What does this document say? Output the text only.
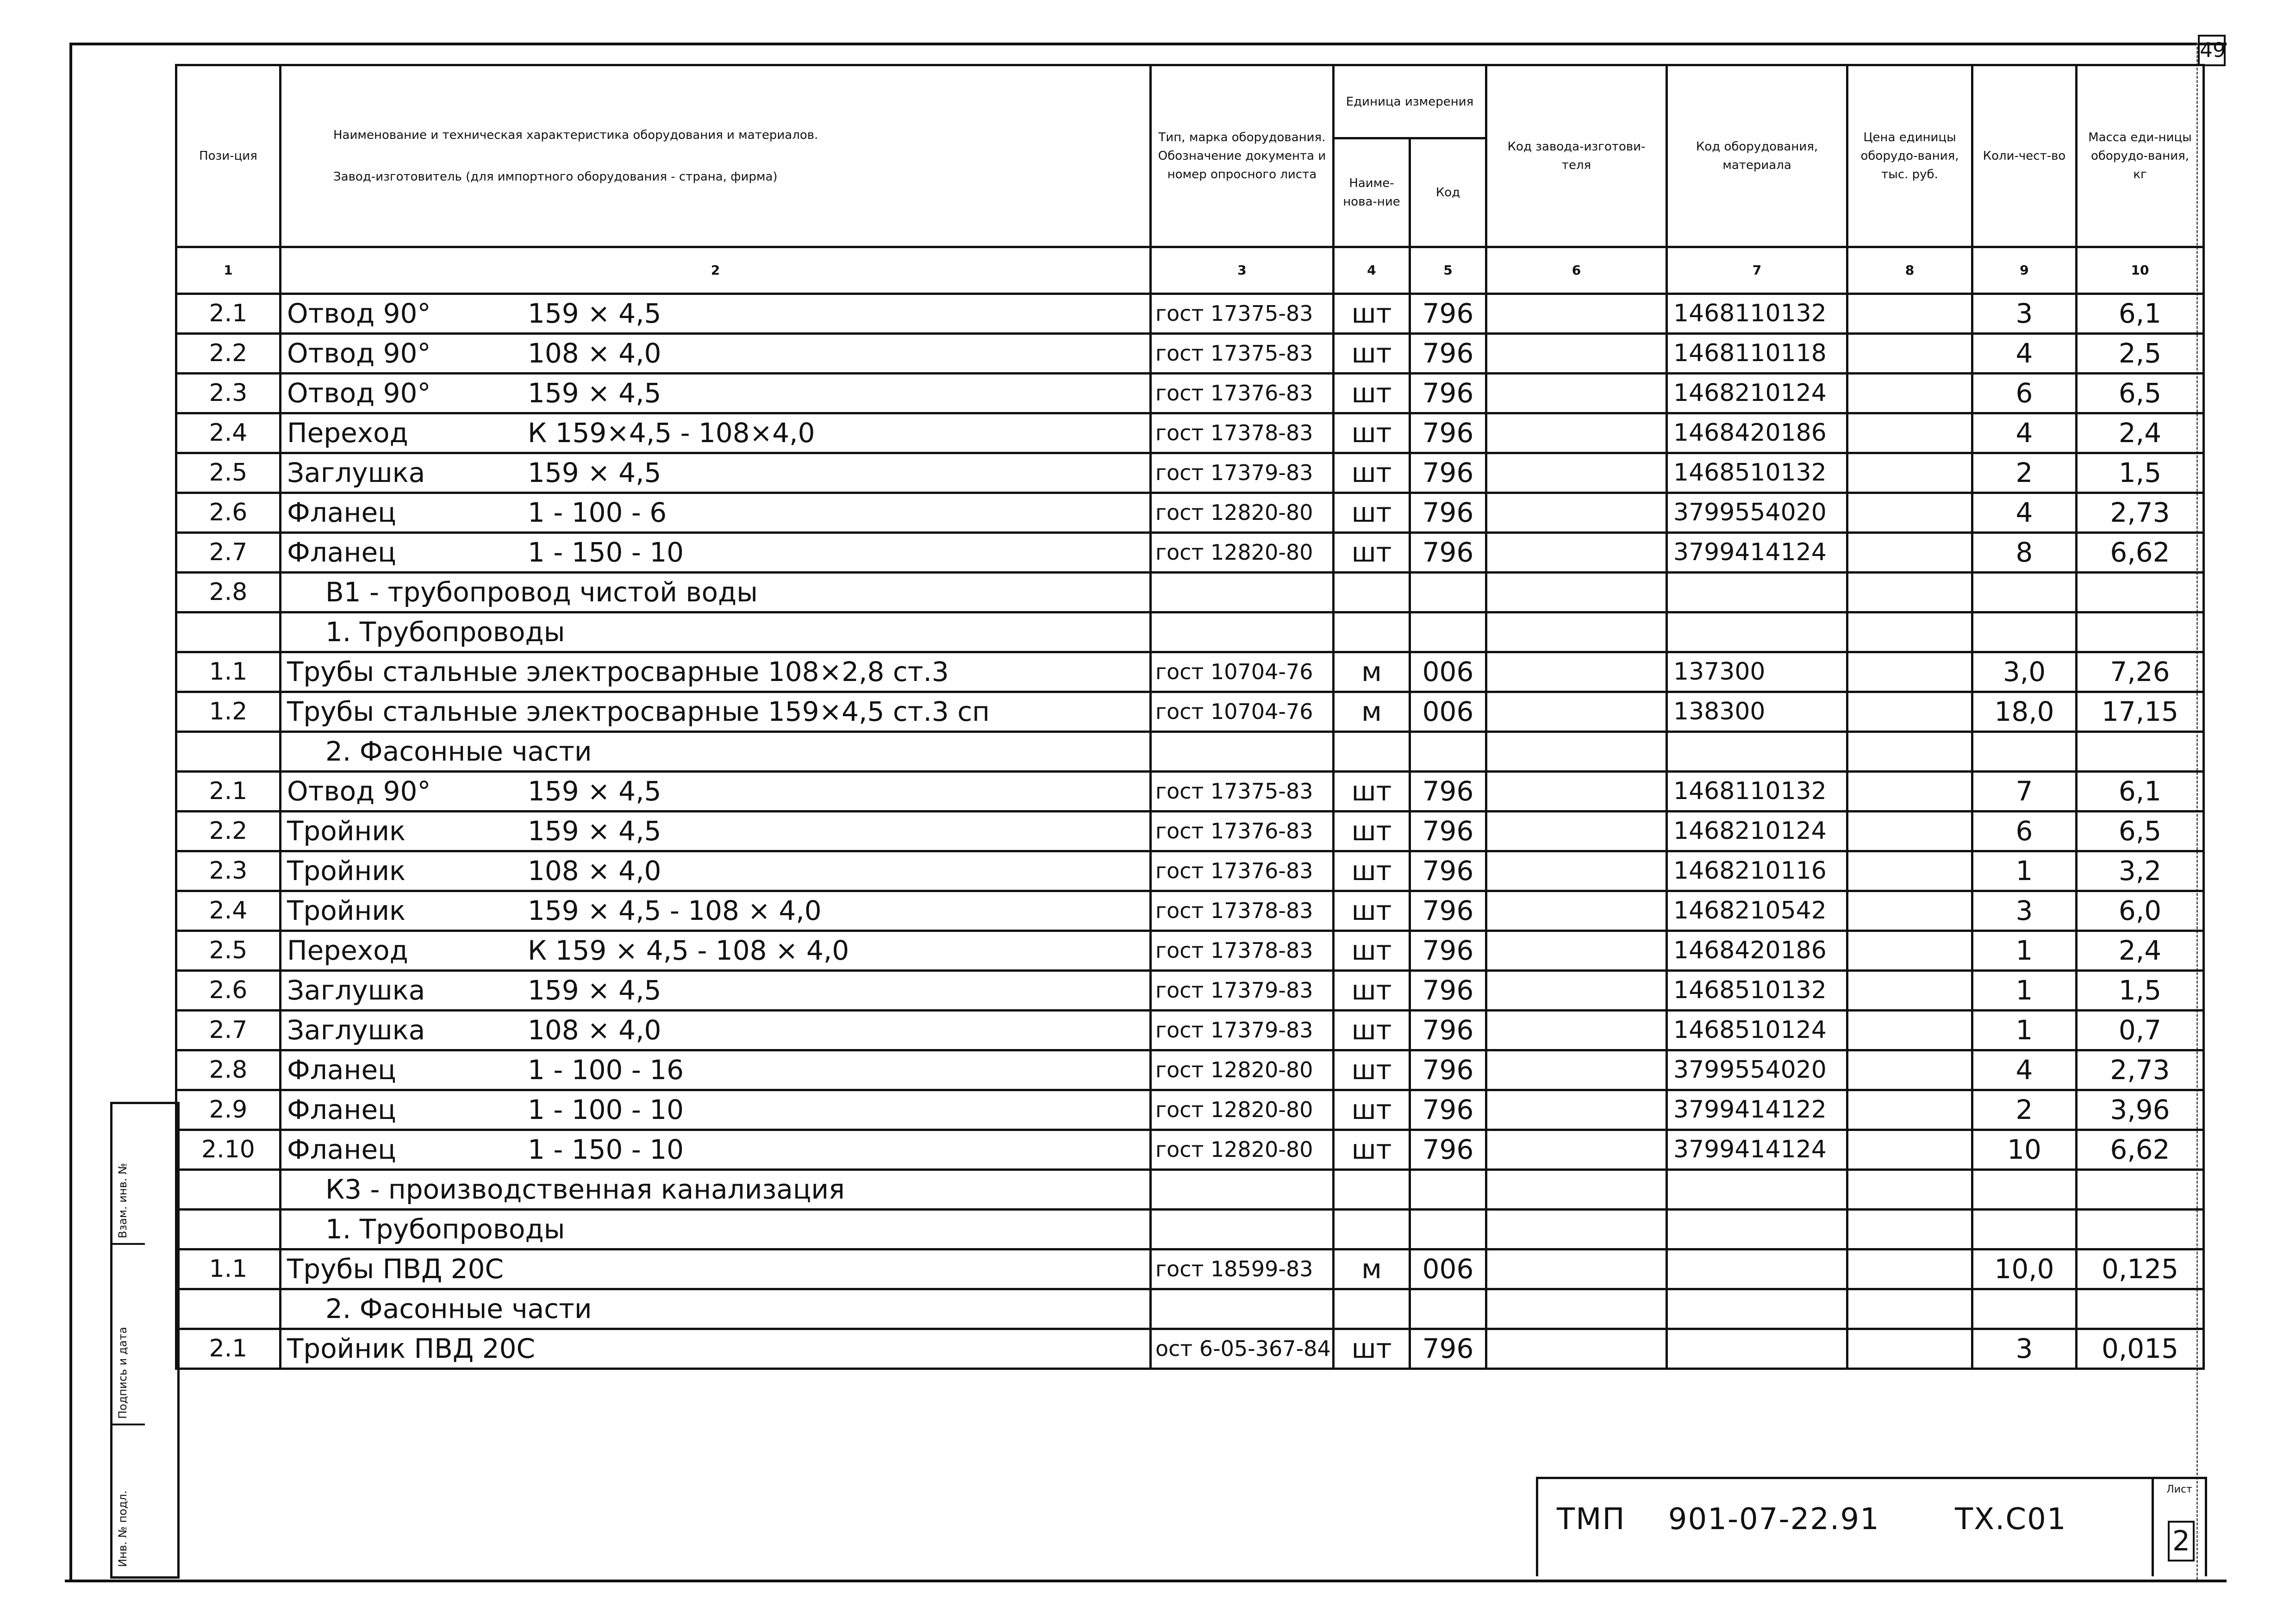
49
Пози-ция	Наименование и техническая характеристика оборудования и материалов.
Завод-изготовитель (для импортного оборудования - страна, фирма)	Тип, марка оборудования. Обозначение документа и номер опросного листа	Единица измерения		Код завода-изготови-теля	Код оборудования, материала	Цена единицы оборудо-вания, тыс. руб.	Коли-чест-во	Масса еди-ницы оборудо-вания, кг
			Наиме-нова-ние	Код					
1	2	3	4	5	6	7	8	9	10
2.1	Отвод 90° 159 × 4,5	гост 17375-83	шт	796		1468110132		3	6,1
2.2	Отвод 90° 108 × 4,0	гост 17375-83	шт	796		1468110118		4	2,5
2.3	Отвод 90° 159 × 4,5	гост 17376-83	шт	796		1468210124		6	6,5
2.4	Переход К 159×4,5 - 108×4,0	гост 17378-83	шт	796		1468420186		4	2,4
2.5	Заглушка 159 × 4,5	гост 17379-83	шт	796		1468510132		2	1,5
2.6	Фланец 1 - 100 - 6	гост 12820-80	шт	796		3799554020		4	2,73
2.7	Фланец 1 - 150 - 10	гост 12820-80	шт	796		3799414124		8	6,62
2.8	В1 - трубопровод чистой воды								
	1. Трубопроводы								
1.1	Трубы стальные электросварные 108×2,8 ст.3	гост 10704-76	м	006		137300		3,0	7,26
1.2	Трубы стальные электросварные 159×4,5 ст.3 сп	гост 10704-76	м	006		138300		18,0	17,15
	2. Фасонные части								
2.1	Отвод 90° 159 × 4,5	гост 17375-83	шт	796		1468110132		7	6,1
2.2	Тройник 159 × 4,5	гост 17376-83	шт	796		1468210124		6	6,5
2.3	Тройник 108 × 4,0	гост 17376-83	шт	796		1468210116		1	3,2
2.4	Тройник 159 × 4,5 - 108 × 4,0	гост 17378-83	шт	796		1468210542		3	6,0
2.5	Переход К 159 × 4,5 - 108 × 4,0	гост 17378-83	шт	796		1468420186		1	2,4
2.6	Заглушка 159 × 4,5	гост 17379-83	шт	796		1468510132		1	1,5
2.7	Заглушка 108 × 4,0	гост 17379-83	шт	796		1468510124		1	0,7
2.8	Фланец 1 - 100 - 16	гост 12820-80	шт	796		3799554020		4	2,73
2.9	Фланец 1 - 100 - 10	гост 12820-80	шт	796		3799414122		2	3,96
2.10	Фланец 1 - 150 - 10	гост 12820-80	шт	796		3799414124		10	6,62
	К3 - производственная канализация								
	1. Трубопроводы								
1.1	Трубы ПВД 20С	гост 18599-83	м	006				10,0	0,125
	2. Фасонные части								
2.1	Тройник ПВД 20С	ост 6-05-367-84	шт	796				3	0,015
Взам. инв. №
Подпись и дата
Инв. № подл.	ТМП 901-07-22.91	ТХ.С01
Лист
2
